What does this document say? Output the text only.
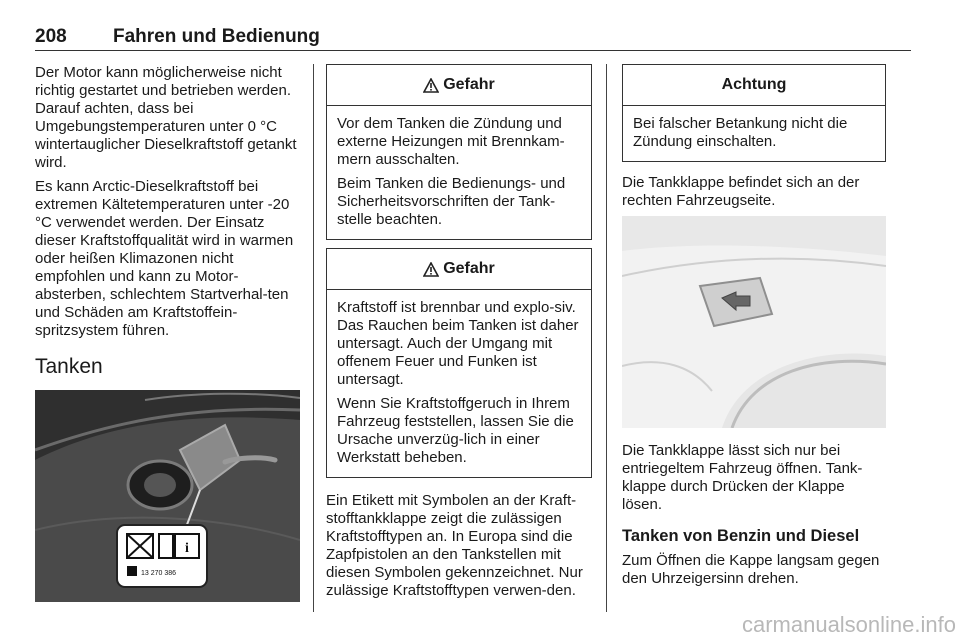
208 Fahren und Bedienung

Der Motor kann möglicherweise nicht richtig gestartet und betrieben werden. Darauf achten, dass bei Umgebungstemperaturen unter 0 °C wintertauglicher Dieselkraftstoff getankt wird.

Es kann Arctic-Dieselkraftstoff bei extremen Kältetemperaturen unter -20 °C verwendet werden. Der Einsatz dieser Kraftstoffqualität wird in warmen oder heißen Klimazonen nicht empfohlen und kann zu Motor-absterben, schlechtem Startverhal-ten und Schäden am Kraftstoffein-spritzsystem führen.

Tanken
i
13 270 386
Gefahr

Vor dem Tanken die Zündung und externe Heizungen mit Brennkam-mern ausschalten.

Beim Tanken die Bedienungs- und Sicherheitsvorschriften der Tank-stelle beachten.

Gefahr

Kraftstoff ist brennbar und explo-siv. Das Rauchen beim Tanken ist daher untersagt. Auch der Umgang mit offenem Feuer und Funken ist untersagt.

Wenn Sie Kraftstoffgeruch in Ihrem Fahrzeug feststellen, lassen Sie die Ursache unverzüg-lich in einer Werkstatt beheben.

Ein Etikett mit Symbolen an der Kraft-stofftankklappe zeigt die zulässigen Kraftstofftypen an. In Europa sind die Zapfpistolen an den Tankstellen mit diesen Symbolen gekennzeichnet. Nur zulässige Kraftstofftypen verwen-den.

Achtung

Bei falscher Betankung nicht die Zündung einschalten.

Die Tankklappe befindet sich an der rechten Fahrzeugseite.

Die Tankklappe lässt sich nur bei entriegeltem Fahrzeug öffnen. Tank-klappe durch Drücken der Klappe lösen.

Tanken von Benzin und Diesel

Zum Öffnen die Kappe langsam gegen den Uhrzeigersinn drehen.

carmanualsonline.info
